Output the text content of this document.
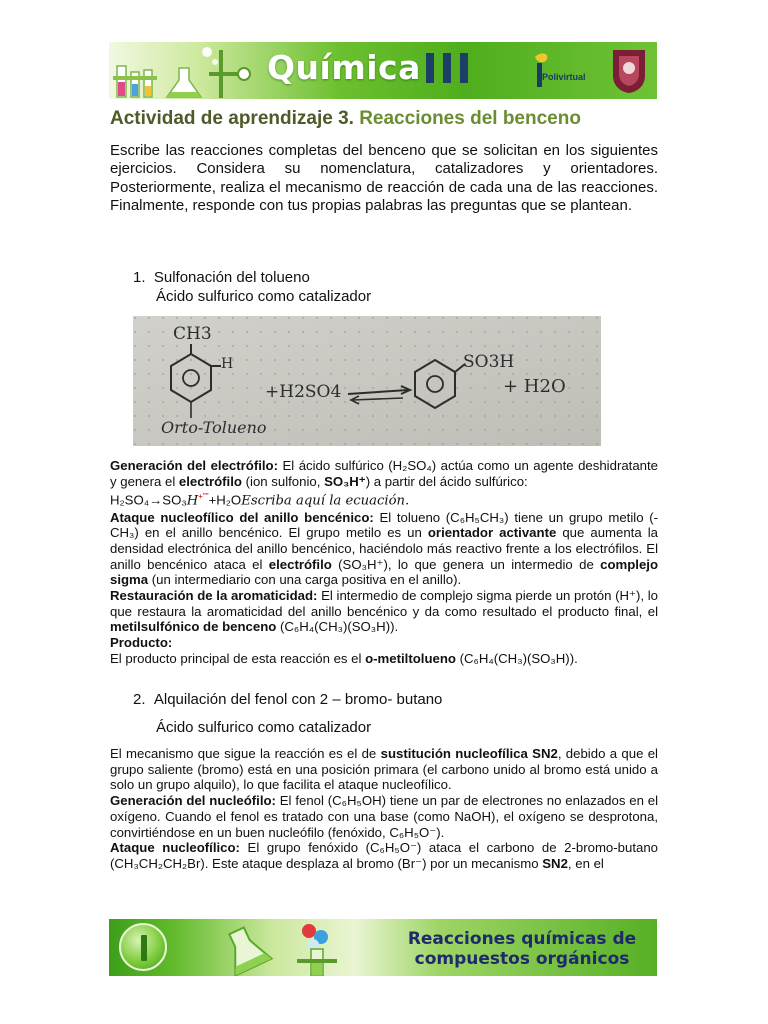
Química	Polivirtual
Actividad de aprendizaje 3. Reacciones del benceno
Escribe las reacciones completas del benceno que se solicitan en los siguientes ejercicios. Considera su nomenclatura, catalizadores y orientadores. Posteriormente, realiza el mecanismo de reacción de cada una de las reacciones. Finalmente, responde con tus propias palabras las preguntas que se plantean.
1. Sulfonación del tolueno
Ácido sulfurico como catalizador
CH3
H
+H2SO4
SO3H
+ H2O
Orto-Tolueno
Generación del electrófilo: El ácido sulfúrico (H₂SO₄) actúa como un agente deshidratante y genera el electrófilo (ion sulfonio, SO₃H⁺) a partir del ácido sulfúrico:
H₂SO₄→SO₃H+""+H₂OEscriba aquí la ecuación.
Ataque nucleofílico del anillo bencénico: El tolueno (C₆H₅CH₃) tiene un grupo metilo (-CH₃) en el anillo bencénico. El grupo metilo es un orientador activante que aumenta la densidad electrónica del anillo bencénico, haciéndolo más reactivo frente a los electrófilos. El anillo bencénico ataca el electrófilo (SO₃H⁺), lo que genera un intermedio de complejo sigma (un intermediario con una carga positiva en el anillo).
Restauración de la aromaticidad: El intermedio de complejo sigma pierde un protón (H⁺), lo que restaura la aromaticidad del anillo bencénico y da como resultado el producto final, el metilsulfónico de benceno (C₆H₄(CH₃)(SO₃H)).
Producto:
El producto principal de esta reacción es el o-metiltolueno (C₆H₄(CH₃)(SO₃H)).
2. Alquilación del fenol con 2 – bromo- butano
Ácido sulfurico como catalizador
El mecanismo que sigue la reacción es el de sustitución nucleofílica SN2, debido a que el grupo saliente (bromo) está en una posición primara (el carbono unido al bromo está unido a solo un grupo alquilo), lo que facilita el ataque nucleofílico.
Generación del nucleófilo: El fenol (C₆H₅OH) tiene un par de electrones no enlazados en el oxígeno. Cuando el fenol es tratado con una base (como NaOH), el oxígeno se desprotona, convirtiéndose en un buen nucleófilo (fenóxido, C₆H₅O⁻).
Ataque nucleofílico: El grupo fenóxido (C₆H₅O⁻) ataca el carbono de 2-bromo-butano (CH₃CH₂CH₂Br). Este ataque desplaza al bromo (Br⁻) por un mecanismo SN2, en el
Reacciones químicas de
compuestos orgánicos
